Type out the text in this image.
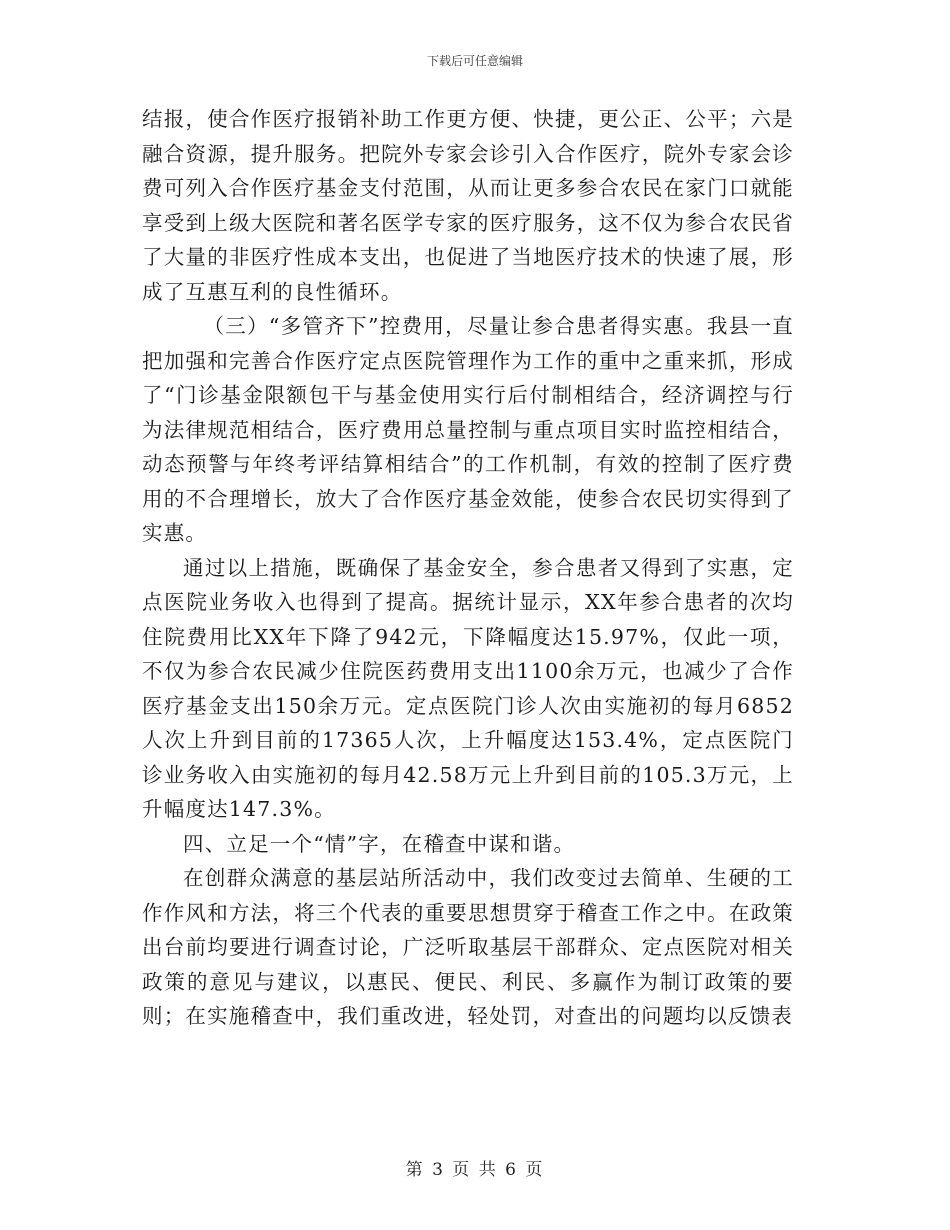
下载后可任意编辑

结报，使合作医疗报销补助工作更方便、快捷，更公正、公平；六是融合资源，提升服务。把院外专家会诊引入合作医疗，院外专家会诊费可列入合作医疗基金支付范围，从而让更多参合农民在家门口就能享受到上级大医院和著名医学专家的医疗服务，这不仅为参合农民省了大量的非医疗性成本支出，也促进了当地医疗技术的快速了展，形成了互惠互利的良性循环。

（三）“多管齐下”控费用，尽量让参合患者得实惠。我县一直把加强和完善合作医疗定点医院管理作为工作的重中之重来抓，形成了“门诊基金限额包干与基金使用实行后付制相结合，经济调控与行为法律规范相结合，医疗费用总量控制与重点项目实时监控相结合，动态预警与年终考评结算相结合”的工作机制，有效的控制了医疗费用的不合理增长，放大了合作医疗基金效能，使参合农民切实得到了实惠。

通过以上措施，既确保了基金安全，参合患者又得到了实惠，定点医院业务收入也得到了提高。据统计显示，XX年参合患者的次均住院费用比XX年下降了942元，下降幅度达15.97%，仅此一项，不仅为参合农民减少住院医药费用支出1100余万元，也减少了合作医疗基金支出150余万元。定点医院门诊人次由实施初的每月6852人次上升到目前的17365人次，上升幅度达153.4%，定点医院门诊业务收入由实施初的每月42.58万元上升到目前的105.3万元，上升幅度达147.3%。

四、立足一个“情”字，在稽查中谋和谐。

在创群众满意的基层站所活动中，我们改变过去简单、生硬的工作作风和方法，将三个代表的重要思想贯穿于稽查工作之中。在政策出台前均要进行调查讨论，广泛听取基层干部群众、定点医院对相关政策的意见与建议，以惠民、便民、利民、多赢作为制订政策的要则；在实施稽查中，我们重改进，轻处罚，对查出的问题均以反馈表

第 3 页 共 6 页
